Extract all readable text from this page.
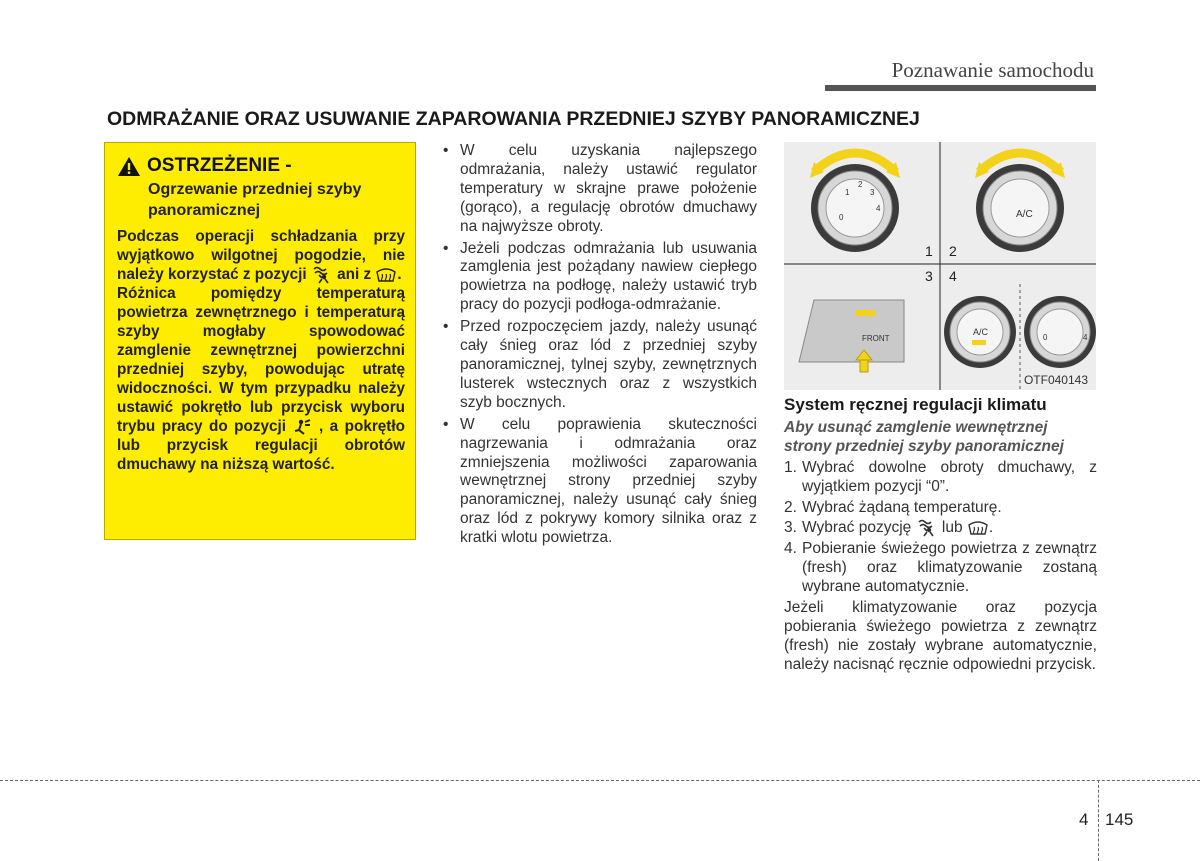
Poznawanie samochodu
ODMRAŻANIE ORAZ USUWANIE ZAPAROWANIA PRZEDNIEJ SZYBY PANORAMICZNEJ
OSTRZEŻENIE -
Ogrzewanie przedniej szyby panoramicznej

Podczas operacji schładzania przy wyjątkowo wilgotnej pogodzie, nie należy korzystać z pozycji ani z .

Różnica pomiędzy temperaturą powietrza zewnętrznego i temperaturą szyby mogłaby spowodować zamglenie zewnętrznej powierzchni przedniej szyby, powodując utratę widoczności. W tym przypadku należy ustawić pokrętło lub przycisk wyboru trybu pracy do pozycji , a pokrętło lub przycisk regulacji obrotów dmuchawy na niższą wartość.

• W celu uzyskania najlepszego odmrażania, należy ustawić regulator temperatury w skrajne prawe położenie (gorąco), a regulację obrotów dmuchawy na najwyższe obroty.
• Jeżeli podczas odmrażania lub usuwania zamglenia jest pożądany nawiew ciepłego powietrza na podłogę, należy ustawić tryb pracy do pozycji podłoga-odmrażanie.
• Przed rozpoczęciem jazdy, należy usunąć cały śnieg oraz lód z przedniej szyby panoramicznej, tylnej szyby, zewnętrznych lusterek wstecznych oraz z wszystkich szyb bocznych.
• W celu poprawienia skuteczności nagrzewania i odmrażania oraz zmniejszenia możliwości zaparowania wewnętrznej strony przedniej szyby panoramicznej, należy usunąć cały śnieg oraz lód z pokrywy komory silnika oraz z kratki wlotu powietrza.
0
1
2
3
4
A/C
FRONT
A/C
0	4
1 2
3 4
OTF040143
System ręcznej regulacji klimatu
Aby usunąć zamglenie wewnętrznej strony przedniej szyby panoramicznej
1. Wybrać dowolne obroty dmuchawy, z wyjątkiem pozycji “0”.
2. Wybrać żądaną temperaturę.
3. Wybrać pozycję lub .
4. Pobieranie świeżego powietrza z zewnątrz (fresh) oraz klimatyzowanie zostaną wybrane automatycznie.

Jeżeli klimatyzowanie oraz pozycja pobierania świeżego powietrza z zewnątrz (fresh) nie zostały wybrane automatycznie, należy nacisnąć ręcznie odpowiedni przycisk.

4 145
